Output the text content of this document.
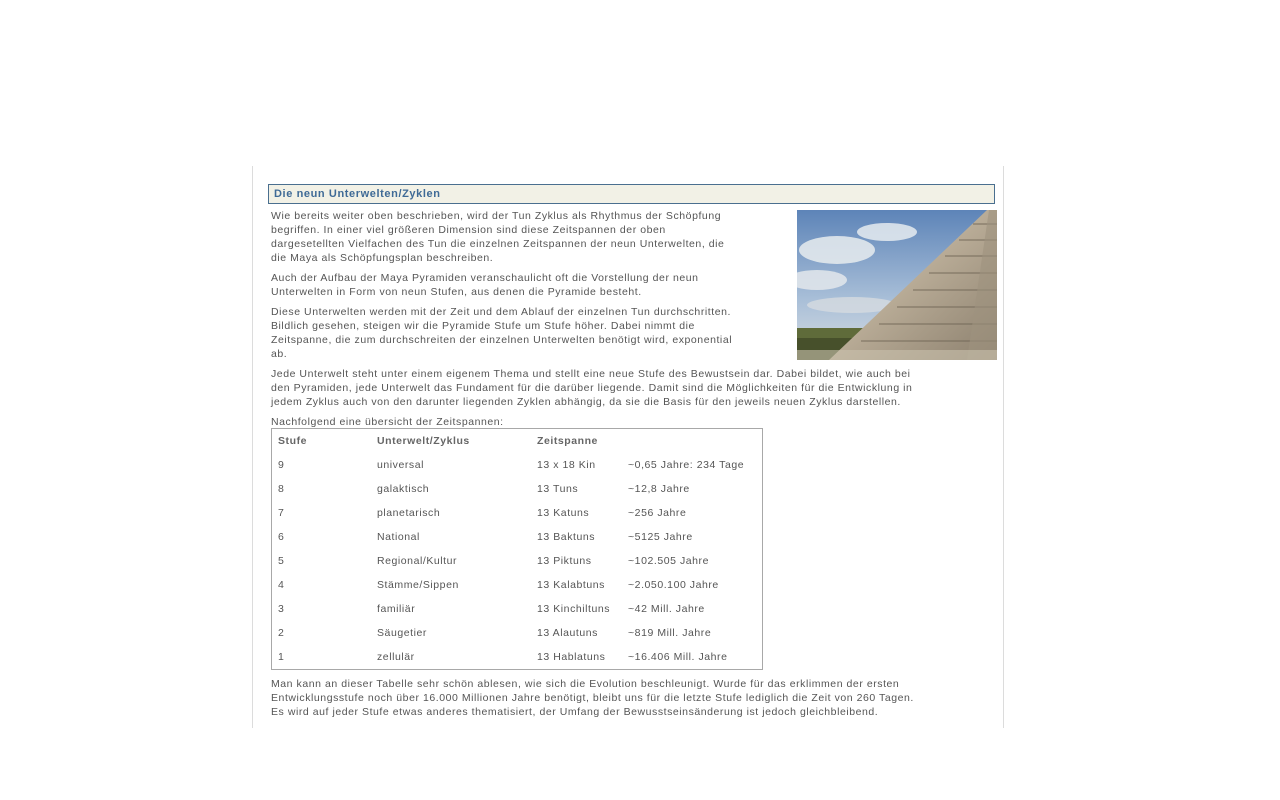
Die neun Unterwelten/Zyklen
Wie bereits weiter oben beschrieben, wird der Tun Zyklus als Rhythmus der Schöpfung
begriffen. In einer viel größeren Dimension sind diese Zeitspannen der oben
dargesetellten Vielfachen des Tun die einzelnen Zeitspannen der neun Unterwelten, die
die Maya als Schöpfungsplan beschreiben.
Auch der Aufbau der Maya Pyramiden veranschaulicht oft die Vorstellung der neun
Unterwelten in Form von neun Stufen, aus denen die Pyramide besteht.
Diese Unterwelten werden mit der Zeit und dem Ablauf der einzelnen Tun durchschritten.
Bildlich gesehen, steigen wir die Pyramide Stufe um Stufe höher. Dabei nimmt die
Zeitspanne, die zum durchschreiten der einzelnen Unterwelten benötigt wird, exponential
ab.
Jede Unterwelt steht unter einem eigenem Thema und stellt eine neue Stufe des Bewustsein dar. Dabei bildet, wie auch bei
den Pyramiden, jede Unterwelt das Fundament für die darüber liegende. Damit sind die Möglichkeiten für die Entwicklung in
jedem Zyklus auch von den darunter liegenden Zyklen abhängig, da sie die Basis für den jeweils neuen Zyklus darstellen.
Nachfolgend eine übersicht der Zeitspannen:
Stufe	Unterwelt/Zyklus	Zeitspanne	
9	universal	13 x 18 Kin	~0,65 Jahre: 234 Tage
8	galaktisch	13 Tuns	~12,8 Jahre
7	planetarisch	13 Katuns	~256 Jahre
6	National	13 Baktuns	~5125 Jahre
5	Regional/Kultur	13 Piktuns	~102.505 Jahre
4	Stämme/Sippen	13 Kalabtuns	~2.050.100 Jahre
3	familiär	13 Kinchiltuns	~42 Mill. Jahre
2	Säugetier	13 Alautuns	~819 Mill. Jahre
1	zellulär	13 Hablatuns	~16.406 Mill. Jahre
Man kann an dieser Tabelle sehr schön ablesen, wie sich die Evolution beschleunigt. Wurde für das erklimmen der ersten
Entwicklungsstufe noch über 16.000 Millionen Jahre benötigt, bleibt uns für die letzte Stufe lediglich die Zeit von 260 Tagen.
Es wird auf jeder Stufe etwas anderes thematisiert, der Umfang der Bewusstseinsänderung ist jedoch gleichbleibend.
